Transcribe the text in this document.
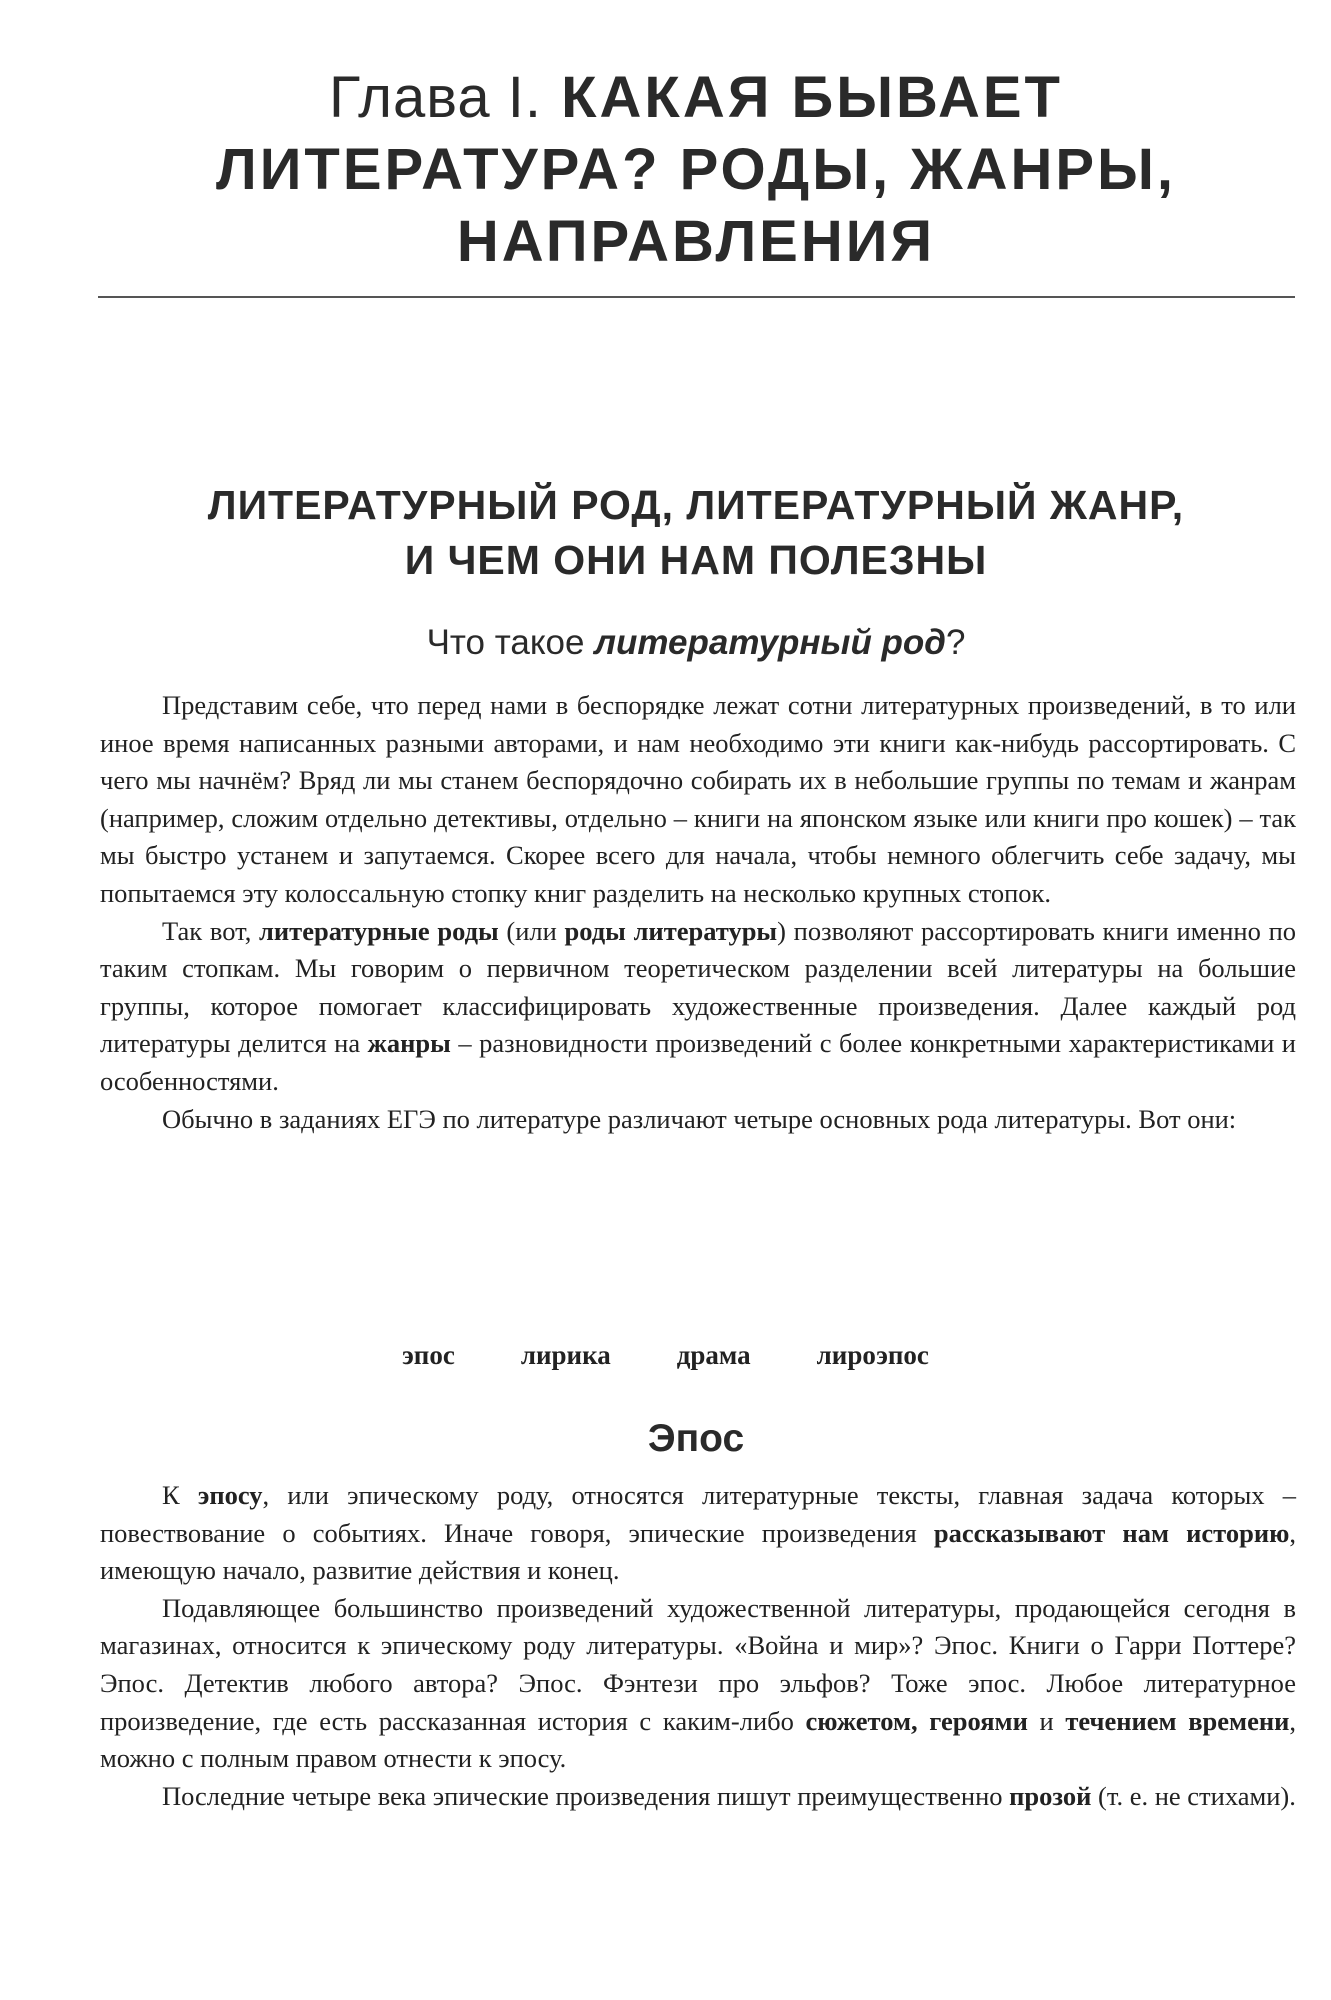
Глава I. КАКАЯ БЫВАЕТ
ЛИТЕРАТУРА? РОДЫ, ЖАНРЫ,
НАПРАВЛЕНИЯ
ЛИТЕРАТУРНЫЙ РОД, ЛИТЕРАТУРНЫЙ ЖАНР,
И ЧЕМ ОНИ НАМ ПОЛЕЗНЫ
Что такое литературный род?

Представим себе, что перед нами в беспорядке лежат сотни литературных произведений, в то или иное время написанных разными авторами, и нам необходимо эти книги как-нибудь рассортировать. С чего мы начнём? Вряд ли мы станем беспорядочно собирать их в небольшие группы по темам и жанрам (например, сложим отдельно детективы, отдельно – книги на японском языке или книги про кошек) – так мы быстро устанем и запутаемся. Скорее всего для начала, чтобы немного облегчить себе задачу, мы попытаемся эту колоссальную стопку книг разделить на несколько крупных стопок.

Так вот, литературные роды (или роды литературы) позволяют рассортировать книги именно по таким стопкам. Мы говорим о первичном теоретическом разделении всей литературы на большие группы, которое помогает классифицировать художественные произведения. Далее каждый род литературы делится на жанры – разновидности произведений с более конкретными характеристиками и особенностями.

Обычно в заданиях ЕГЭ по литературе различают четыре основных рода литературы. Вот они:

эпос лирика драма лироэпос
Эпос

К эпосу, или эпическому роду, относятся литературные тексты, главная задача которых – повествование о событиях. Иначе говоря, эпические произведения рассказывают нам историю, имеющую начало, развитие действия и конец.

Подавляющее большинство произведений художественной литературы, продающейся сегодня в магазинах, относится к эпическому роду литературы. «Война и мир»? Эпос. Книги о Гарри Поттере? Эпос. Детектив любого автора? Эпос. Фэнтези про эльфов? Тоже эпос. Любое литературное произведение, где есть рассказанная история с каким-либо сюжетом, героями и течением времени, можно с полным правом отнести к эпосу.

Последние четыре века эпические произведения пишут преимущественно прозой (т. е. не стихами).
